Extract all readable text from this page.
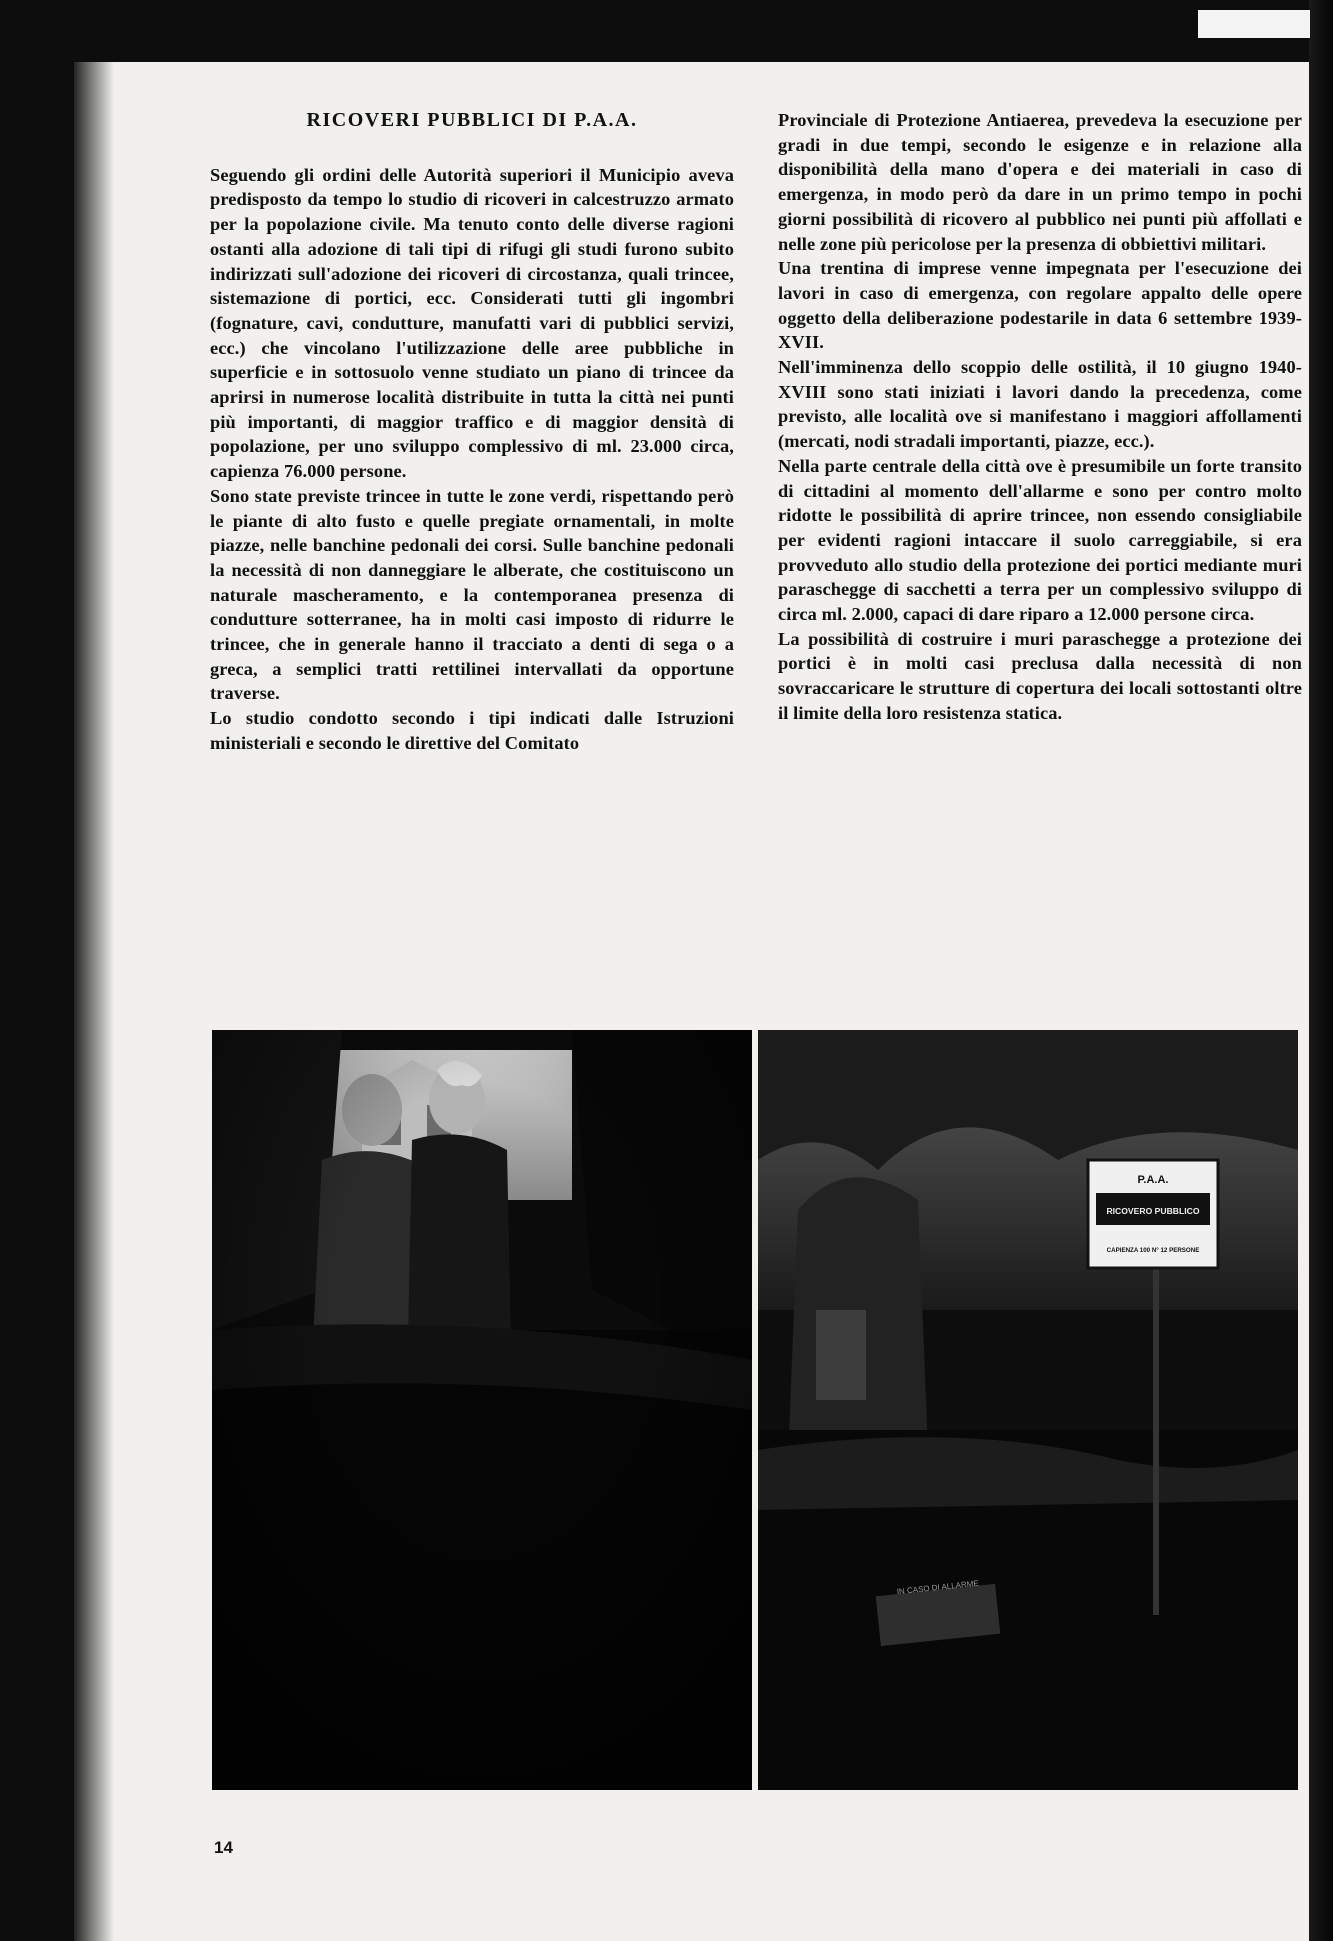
RICOVERI PUBBLICI DI P.A.A.

Seguendo gli ordini delle Autorità superiori il Municipio aveva predisposto da tempo lo studio di ricoveri in calcestruzzo armato per la popolazione civile. Ma tenuto conto delle diverse ragioni ostanti alla adozione di tali tipi di rifugi gli studi furono subito indirizzati sull'adozione dei ricoveri di circostanza, quali trincee, sistemazione di portici, ecc. Considerati tutti gli ingombri (fognature, cavi, condutture, manufatti vari di pubblici servizi, ecc.) che vincolano l'utilizzazione delle aree pubbliche in superficie e in sottosuolo venne studiato un piano di trincee da aprirsi in numerose località distribuite in tutta la città nei punti più importanti, di maggior traffico e di maggior densità di popolazione, per uno sviluppo complessivo di ml. 23.000 circa, capienza 76.000 persone.

Sono state previste trincee in tutte le zone verdi, rispettando però le piante di alto fusto e quelle pregiate ornamentali, in molte piazze, nelle banchine pedonali dei corsi. Sulle banchine pedonali la necessità di non danneggiare le alberate, che costituiscono un naturale mascheramento, e la contemporanea presenza di condutture sotterranee, ha in molti casi imposto di ridurre le trincee, che in generale hanno il tracciato a denti di sega o a greca, a semplici tratti rettilinei intervallati da opportune traverse.

Lo studio condotto secondo i tipi indicati dalle Istruzioni ministeriali e secondo le direttive del Comitato

Provinciale di Protezione Antiaerea, prevedeva la esecuzione per gradi in due tempi, secondo le esigenze e in relazione alla disponibilità della mano d'opera e dei materiali in caso di emergenza, in modo però da dare in un primo tempo in pochi giorni possibilità di ricovero al pubblico nei punti più affollati e nelle zone più pericolose per la presenza di obbiettivi militari.

Una trentina di imprese venne impegnata per l'esecuzione dei lavori in caso di emergenza, con regolare appalto delle opere oggetto della deliberazione podestarile in data 6 settembre 1939-XVII.

Nell'imminenza dello scoppio delle ostilità, il 10 giugno 1940-XVIII sono stati iniziati i lavori dando la precedenza, come previsto, alle località ove si manifestano i maggiori affollamenti (mercati, nodi stradali importanti, piazze, ecc.).

Nella parte centrale della città ove è presumibile un forte transito di cittadini al momento dell'allarme e sono per contro molto ridotte le possibilità di aprire trincee, non essendo consigliabile per evidenti ragioni intaccare il suolo carreggiabile, si era provveduto allo studio della protezione dei portici mediante muri paraschegge di sacchetti a terra per un complessivo sviluppo di circa ml. 2.000, capaci di dare riparo a 12.000 persone circa.

La possibilità di costruire i muri paraschegge a protezione dei portici è in molti casi preclusa dalla necessità di non sovraccaricare le strutture di copertura dei locali sottostanti oltre il limite della loro resistenza statica.

P.A.A.
RICOVERO PUBBLICO
CAPIENZA 100 N° 12 PERSONE
IN CASO DI ALLARME
14
